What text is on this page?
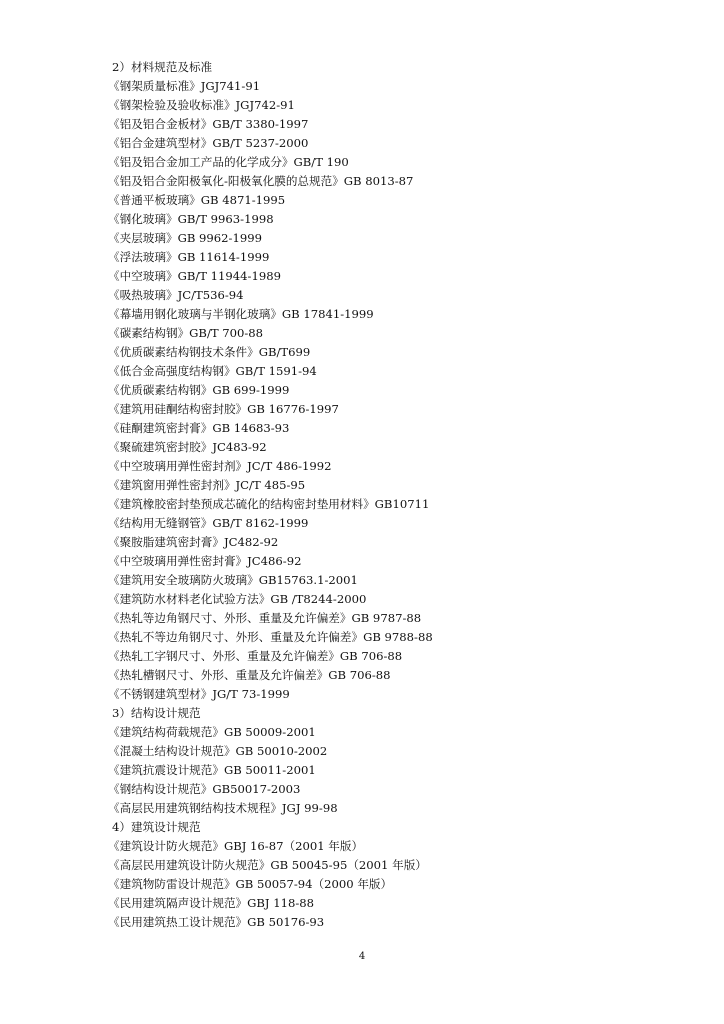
2）材料规范及标准
《钢架质量标准》JGJ741-91
《钢架检验及验收标准》JGJ742-91
《铝及铝合金板材》GB/T 3380-1997
《铝合金建筑型材》GB/T 5237-2000
《铝及铝合金加工产品的化学成分》GB/T 190
《铝及铝合金阳极氧化-阳极氧化膜的总规范》GB 8013-87
《普通平板玻璃》GB 4871-1995
《钢化玻璃》GB/T 9963-1998
《夹层玻璃》GB 9962-1999
《浮法玻璃》GB 11614-1999
《中空玻璃》GB/T 11944-1989
《吸热玻璃》JC/T536-94
《幕墙用钢化玻璃与半钢化玻璃》GB 17841-1999
《碳素结构钢》GB/T 700-88
《优质碳素结构钢技术条件》GB/T699
《低合金高强度结构钢》GB/T 1591-94
《优质碳素结构钢》GB 699-1999
《建筑用硅酮结构密封胶》GB 16776-1997
《硅酮建筑密封膏》GB 14683-93
《聚硫建筑密封胶》JC483-92
《中空玻璃用弹性密封剂》JC/T 486-1992
《建筑窗用弹性密封剂》JC/T 485-95
《建筑橡胶密封垫预成芯硫化的结构密封垫用材料》GB10711
《结构用无缝钢管》GB/T 8162-1999
《聚胺脂建筑密封膏》JC482-92
《中空玻璃用弹性密封膏》JC486-92
《建筑用安全玻璃防火玻璃》GB15763.1-2001
《建筑防水材料老化试验方法》GB /T8244-2000
《热轧等边角钢尺寸、外形、重量及允许偏差》GB 9787-88
《热轧不等边角钢尺寸、外形、重量及允许偏差》GB 9788-88
《热轧工字钢尺寸、外形、重量及允许偏差》GB 706-88
《热轧槽钢尺寸、外形、重量及允许偏差》GB 706-88
《不锈钢建筑型材》JG/T 73-1999
3）结构设计规范
《建筑结构荷载规范》GB 50009-2001
《混凝土结构设计规范》GB 50010-2002
《建筑抗震设计规范》GB 50011-2001
《钢结构设计规范》GB50017-2003
《高层民用建筑钢结构技术规程》JGJ 99-98
4）建筑设计规范
《建筑设计防火规范》GBJ 16-87（2001 年版）
《高层民用建筑设计防火规范》GB 50045-95（2001 年版）
《建筑物防雷设计规范》GB 50057-94（2000 年版）
《民用建筑隔声设计规范》GBJ 118-88
《民用建筑热工设计规范》GB 50176-93
4
